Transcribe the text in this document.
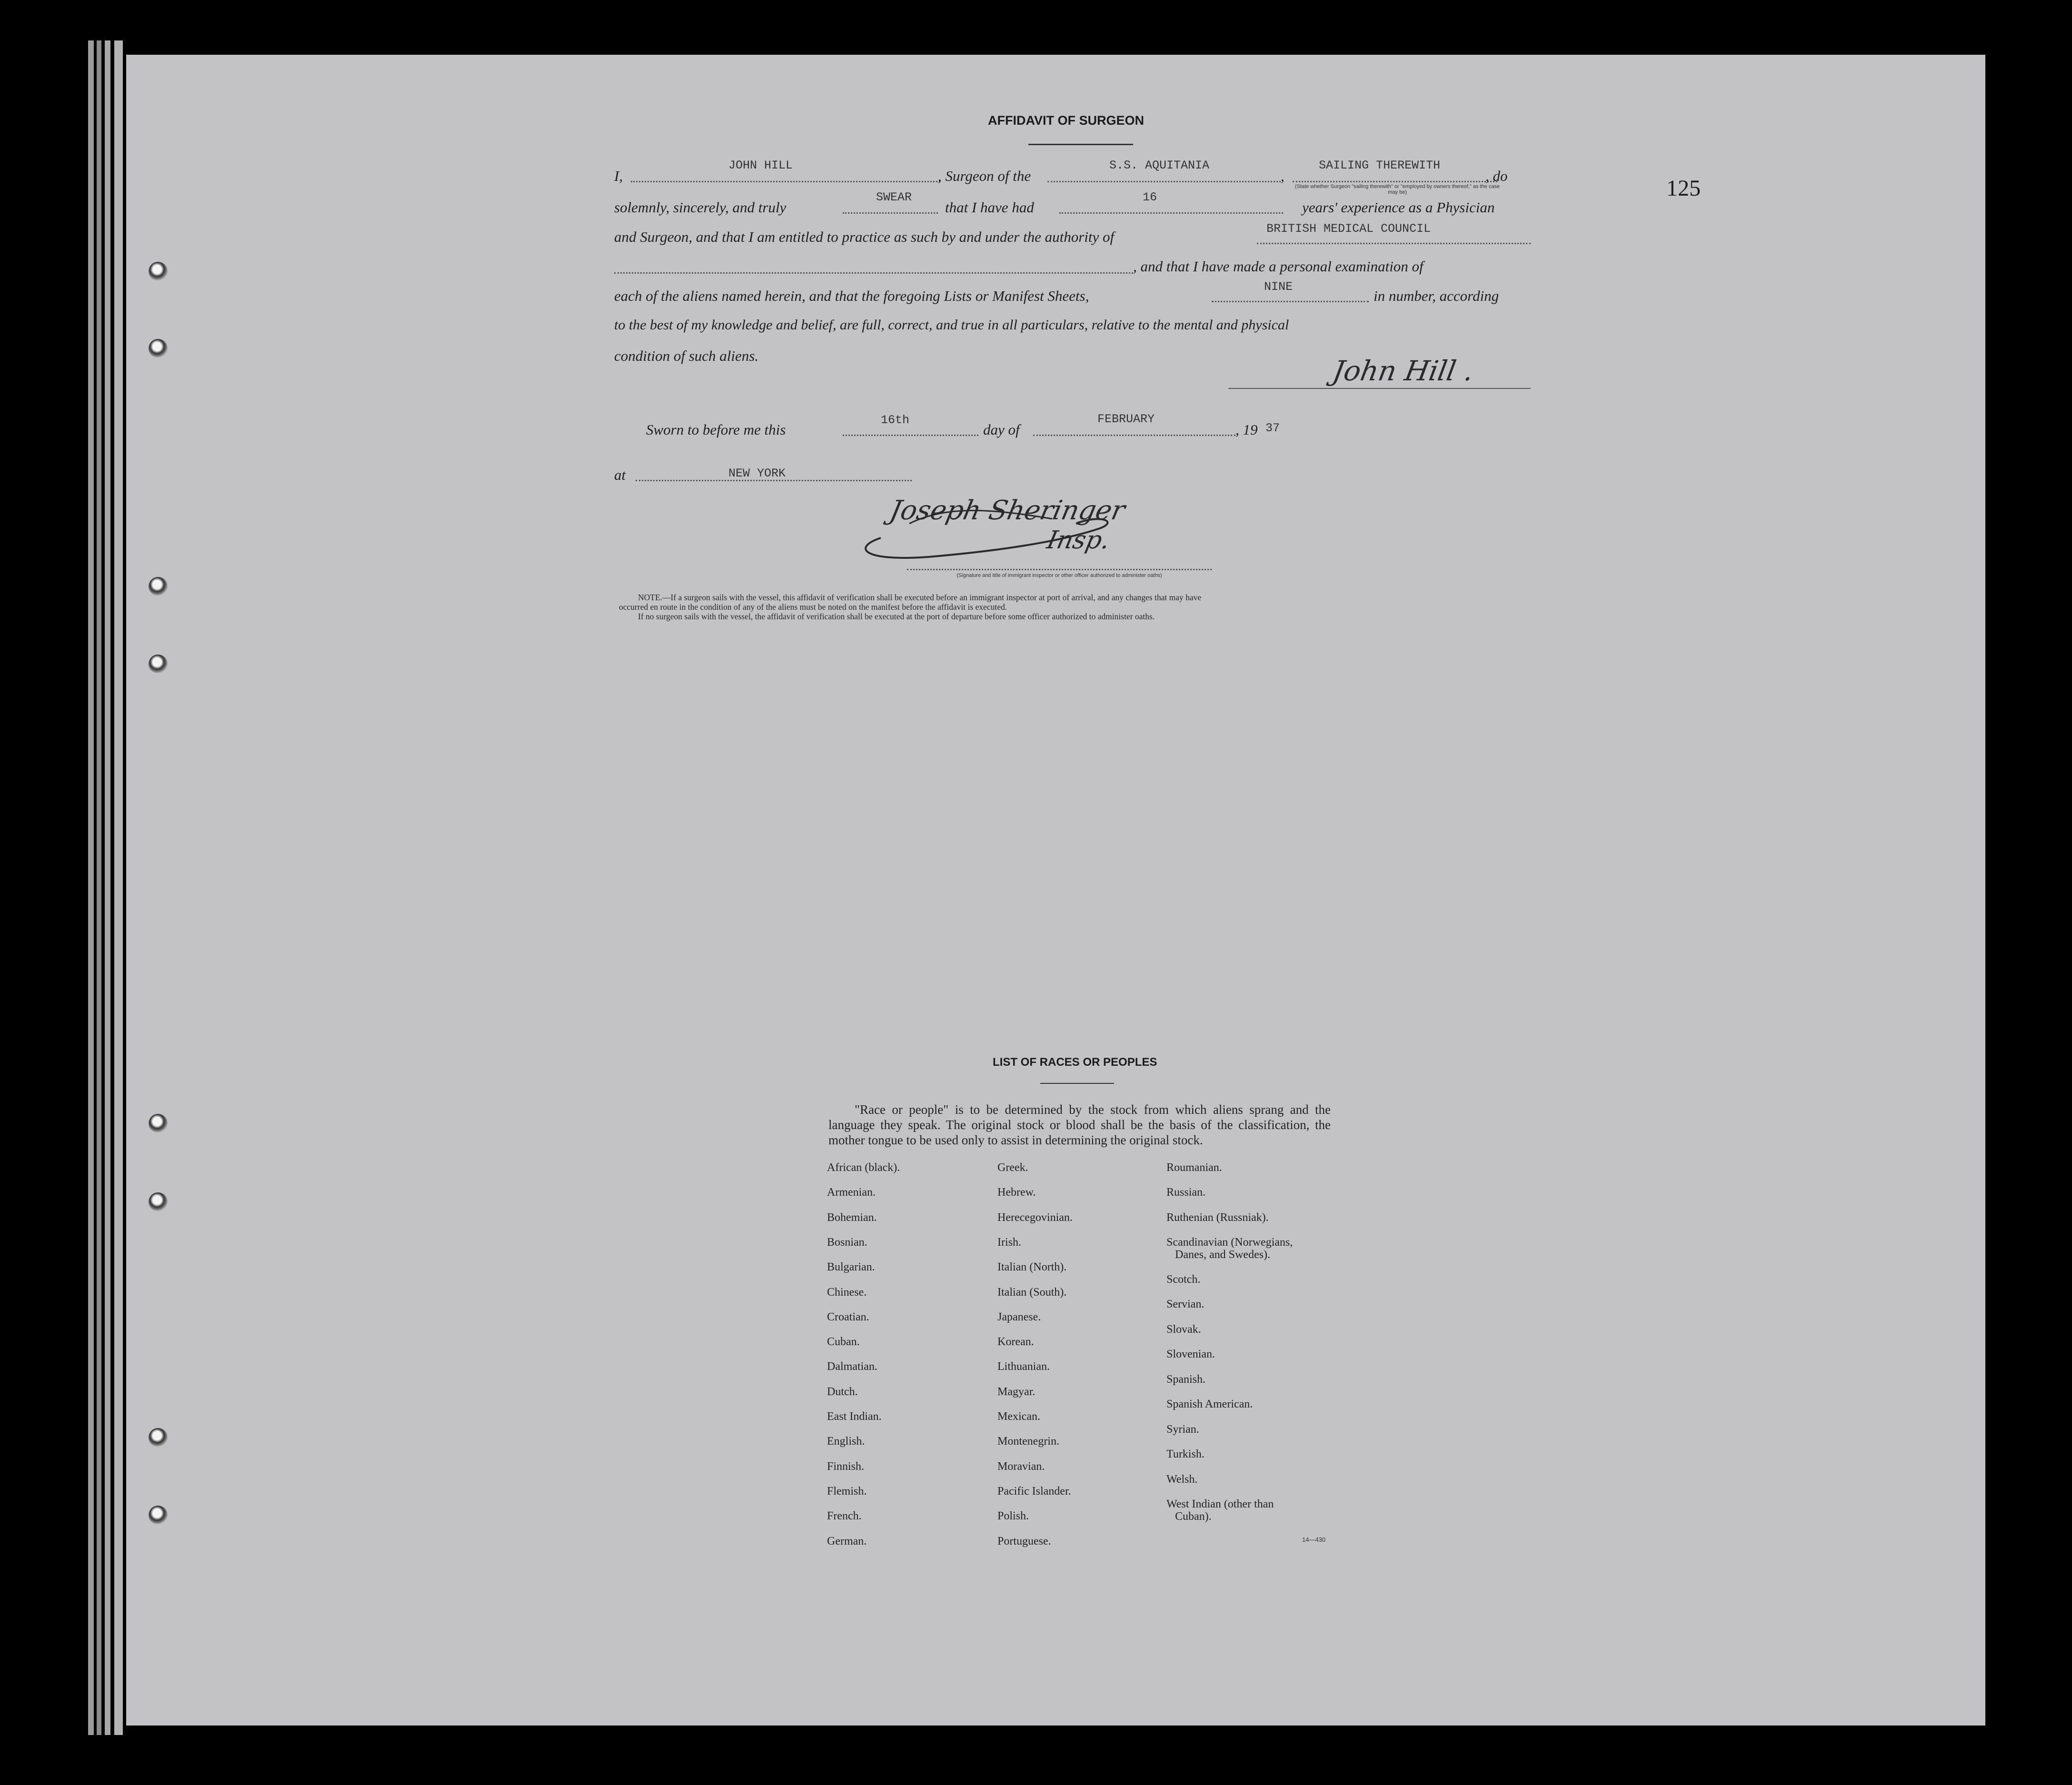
AFFIDAVIT OF SURGEON
I,
JOHN HILL
, Surgeon of the
S.S. AQUITANIA
,
SAILING THEREWITH
, do
(State whether Surgeon "sailing therewith" or "employed by owners thereof," as the case may be)
solemnly, sincerely, and truly
SWEAR
that I have had
16
years' experience as a Physician
and Surgeon, and that I am entitled to practice as such by and under the authority of	BRITISH MEDICAL COUNCIL
, and that I have made a personal examination of
each of the aliens named herein, and that the foregoing Lists or Manifest Sheets,
NINE
in number, according
to the best of my knowledge and belief, are full, correct, and true in all particulars, relative to the mental and physical
condition of such aliens.	John Hill .
Sworn to before me this
16th
day of
FEBRUARY
, 19 37
at	NEW YORK
Joseph Sheringer
Insp.
(Signature and title of immigrant inspector or other officer authorized to administer oaths)
NOTE.—If a surgeon sails with the vessel, this affidavit of verification shall be executed before an immigrant inspector at port of arrival, and any changes that may have
occurred en route in the condition of any of the aliens must be noted on the manifest before the affidavit is executed.
If no surgeon sails with the vessel, the affidavit of verification shall be executed at the port of departure before some officer authorized to administer oaths.
125
LIST OF RACES OR PEOPLES
"Race or people" is to be determined by the stock from which aliens sprang and the language they speak. The original stock or blood shall be the basis of the classification, the mother tongue to be used only to assist in determining the original stock.
African (black).
Armenian.
Bohemian.
Bosnian.
Bulgarian.
Chinese.
Croatian.
Cuban.
Dalmatian.
Dutch.
East Indian.
English.
Finnish.
Flemish.
French.
German.
Greek.
Hebrew.
Herecegovinian.
Irish.
Italian (North).
Italian (South).
Japanese.
Korean.
Lithuanian.
Magyar.
Mexican.
Montenegrin.
Moravian.
Pacific Islander.
Polish.
Portuguese.
Roumanian.
Russian.
Ruthenian (Russniak).
Scandinavian (Norwegians,
Danes, and Swedes).
Scotch.
Servian.
Slovak.
Slovenian.
Spanish.
Spanish American.
Syrian.
Turkish.
Welsh.
West Indian (other than
Cuban).
14—430
